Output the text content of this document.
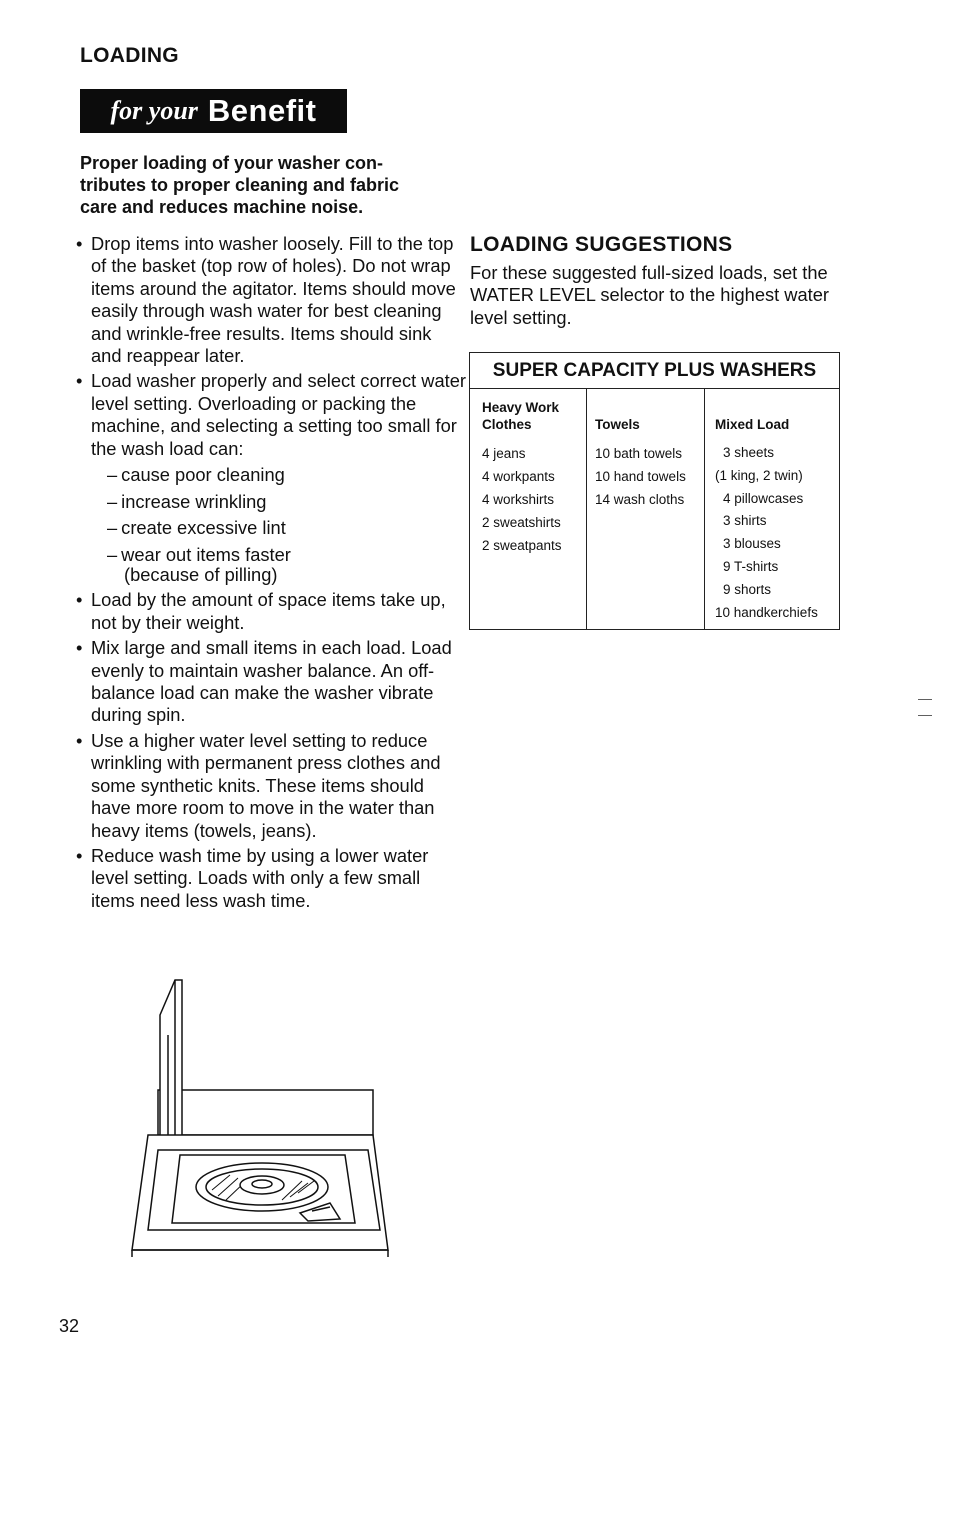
LOADING
for your Benefit

Proper loading of your washer con-
tributes to proper cleaning and fabric
care and reduces machine noise.

• Drop items into washer loosely. Fill to the top of the basket (top row of holes). Do not wrap items around the agitator. Items should move easily through wash water for best cleaning and wrinkle-free results. Items should sink and reappear later.
• Load washer properly and select correct water level setting. Overloading or packing the machine, and selecting a setting too small for the wash load can:
– cause poor cleaning
– increase wrinkling
– create excessive lint
– wear out items faster
(because of pilling)
• Load by the amount of space items take up, not by their weight.
• Mix large and small items in each load. Load evenly to maintain washer balance. An off-balance load can make the washer vibrate during spin.
• Use a higher water level setting to reduce wrinkling with permanent press clothes and some synthetic knits. These items should have more room to move in the water than heavy items (towels, jeans).
• Reduce wash time by using a lower water level setting. Loads with only a few small items need less wash time.
LOADING SUGGESTIONS

For these suggested full-sized loads, set the WATER LEVEL selector to the highest water level setting.

SUPER CAPACITY PLUS WASHERS
Heavy Work
Clothes
4 jeans
4 workpants
4 workshirts
2 sweatshirts
2 sweatpants
Towels
10 bath towels
10 hand towels
14 wash cloths
Mixed Load
3 sheets
(1 king, 2 twin)
4 pillowcases
3 shirts
3 blouses
9 T-shirts
9 shorts
10 handkerchiefs
— —
32
